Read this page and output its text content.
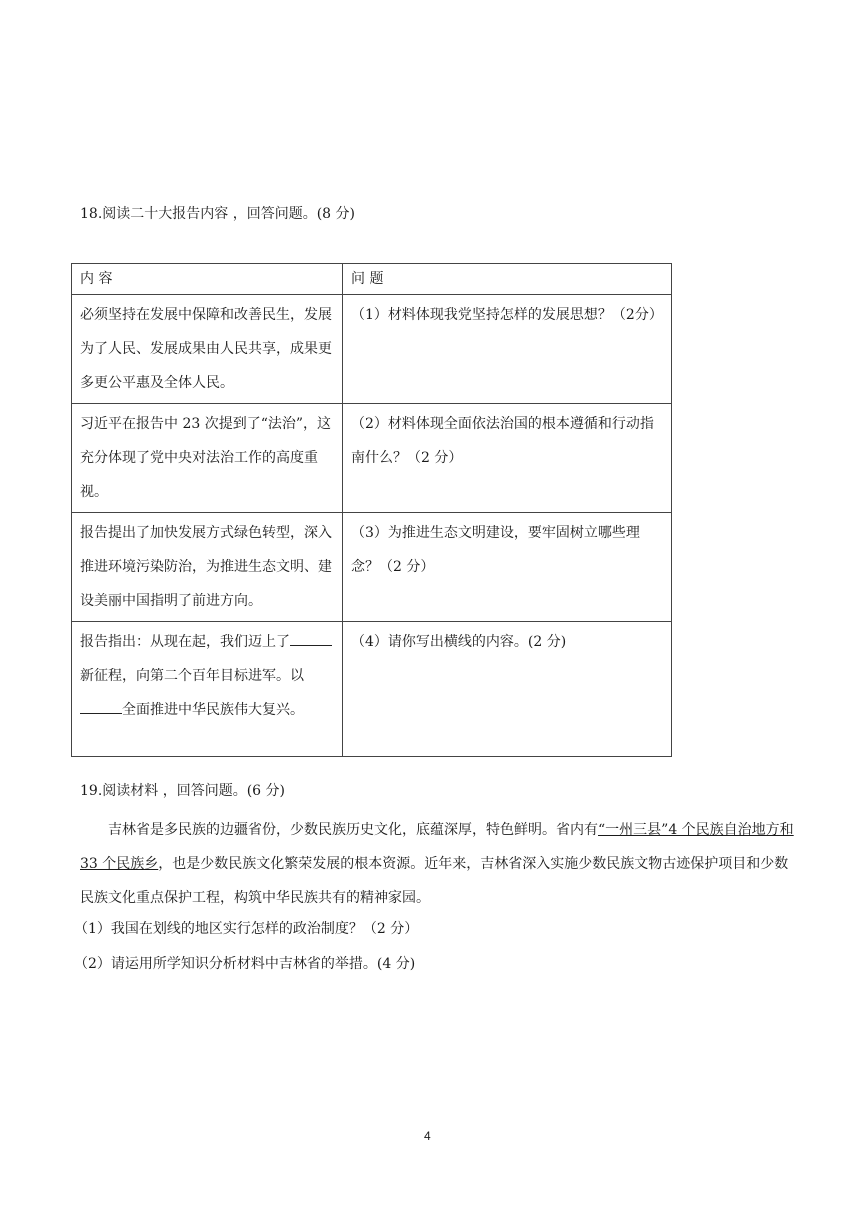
18.阅读二十大报告内容 ，回答问题。(8 分)
内 容	问 题
必须坚持在发展中保障和改善民生，发展为了人民、发展成果由人民共享，成果更多更公平惠及全体人民。	（1）材料体现我党坚持怎样的发展思想？（2分）
习近平在报告中 23 次提到了“法治”，这充分体现了党中央对法治工作的高度重视。	（2）材料体现全面依法治国的根本遵循和行动指南什么？（2 分）
报告提出了加快发展方式绿色转型，深入推进环境污染防治，为推进生态文明、建设美丽中国指明了前进方向。	（3）为推进生态文明建设，要牢固树立哪些理念？（2 分）
报告指出：从现在起，我们迈上了新征程，向第二个百年目标进军。以全面推进中华民族伟大复兴。	（4）请你写出横线的内容。(2 分)
19.阅读材料 ，回答问题。(6 分)
吉林省是多民族的边疆省份，少数民族历史文化，底蕴深厚，特色鲜明。省内有“一州三县”4 个民族自治地方和 33 个民族乡，也是少数民族文化繁荣发展的根本资源。近年来，吉林省深入实施少数民族文物古迹保护项目和少数民族文化重点保护工程，构筑中华民族共有的精神家园。
（1）我国在划线的地区实行怎样的政治制度？（2 分）
（2）请运用所学知识分析材料中吉林省的举措。(4 分)
4
